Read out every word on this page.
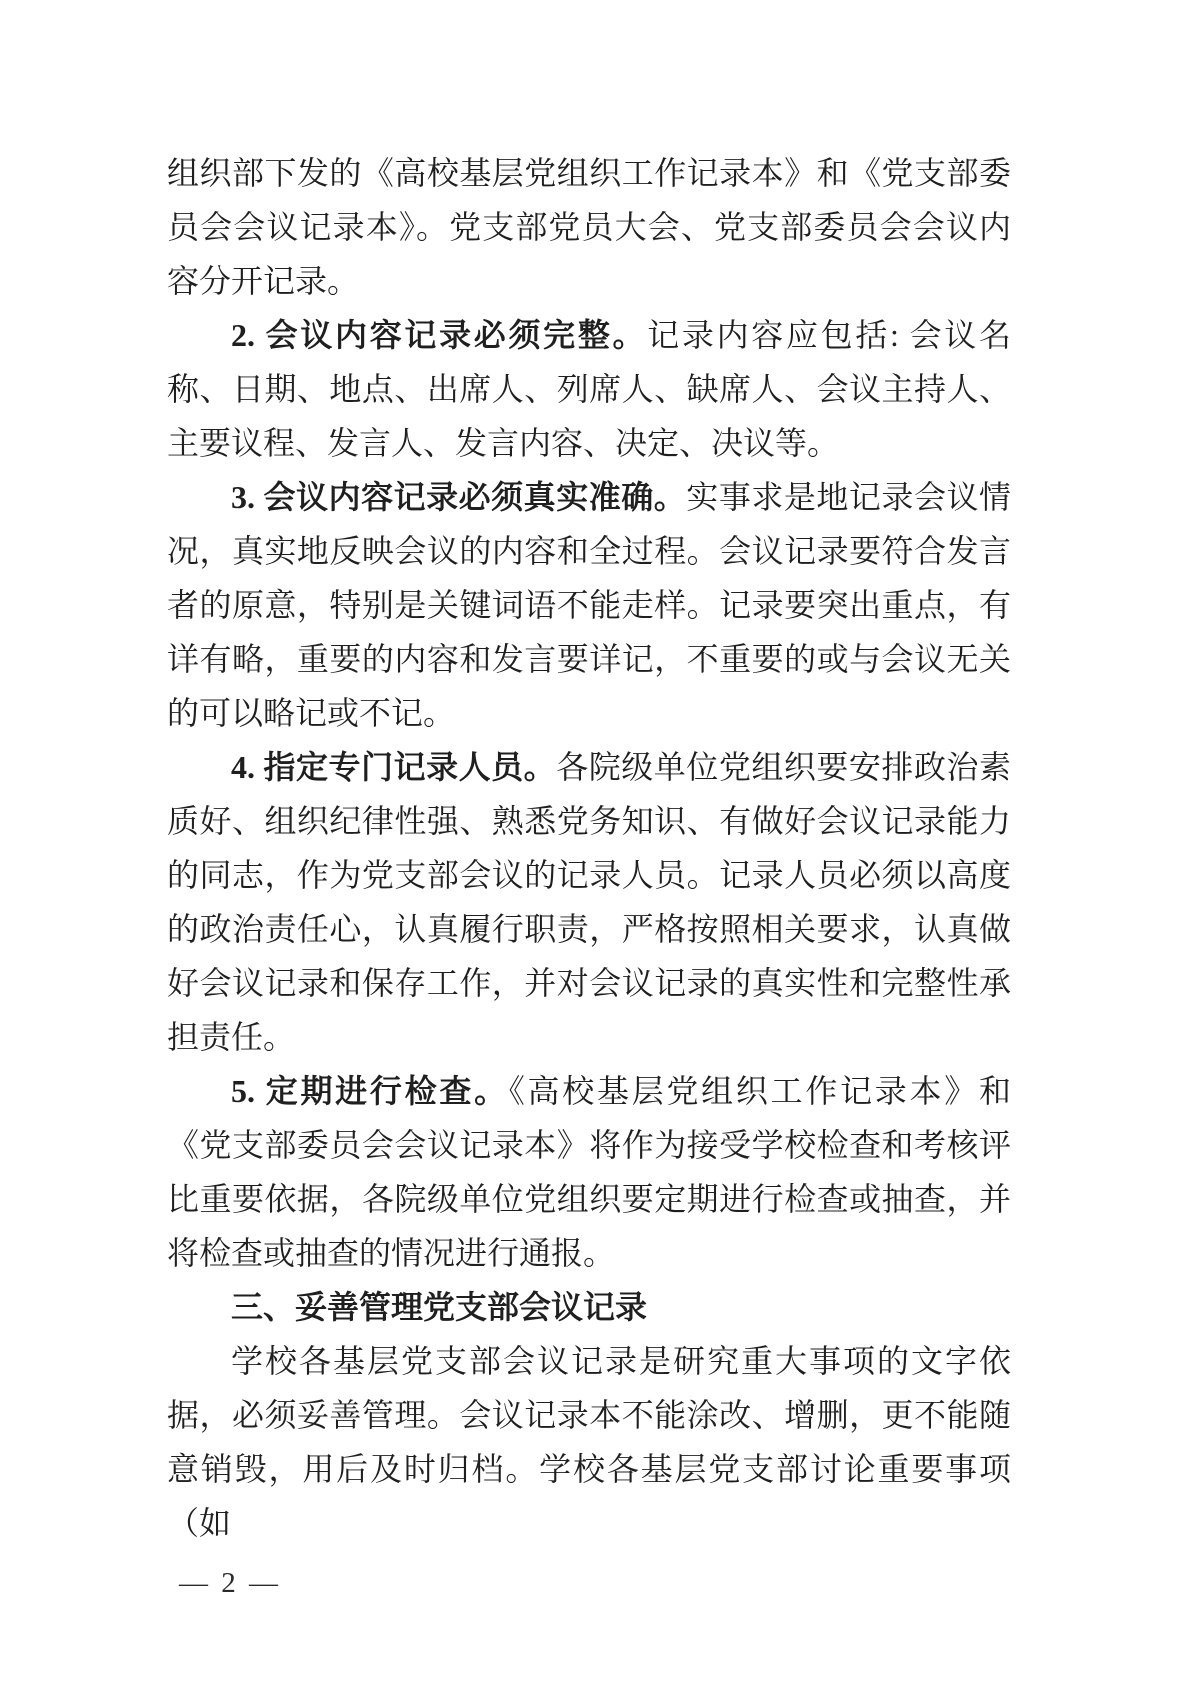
组织部下发的《高校基层党组织工作记录本》和《党支部委员会会议记录本》。党支部党员大会、党支部委员会会议内容分开记录。

2. 会议内容记录必须完整。记录内容应包括: 会议名称、日期、地点、出席人、列席人、缺席人、会议主持人、主要议程、发言人、发言内容、决定、决议等。

3. 会议内容记录必须真实准确。实事求是地记录会议情况，真实地反映会议的内容和全过程。会议记录要符合发言者的原意，特别是关键词语不能走样。记录要突出重点，有详有略，重要的内容和发言要详记，不重要的或与会议无关的可以略记或不记。

4. 指定专门记录人员。各院级单位党组织要安排政治素质好、组织纪律性强、熟悉党务知识、有做好会议记录能力的同志，作为党支部会议的记录人员。记录人员必须以高度的政治责任心，认真履行职责，严格按照相关要求，认真做好会议记录和保存工作，并对会议记录的真实性和完整性承担责任。

5. 定期进行检查。《高校基层党组织工作记录本》和《党支部委员会会议记录本》将作为接受学校检查和考核评比重要依据，各院级单位党组织要定期进行检查或抽查，并将检查或抽查的情况进行通报。

三、妥善管理党支部会议记录

学校各基层党支部会议记录是研究重大事项的文字依据，必须妥善管理。会议记录本不能涂改、增删，更不能随意销毁，用后及时归档。学校各基层党支部讨论重要事项（如

— 2 —
